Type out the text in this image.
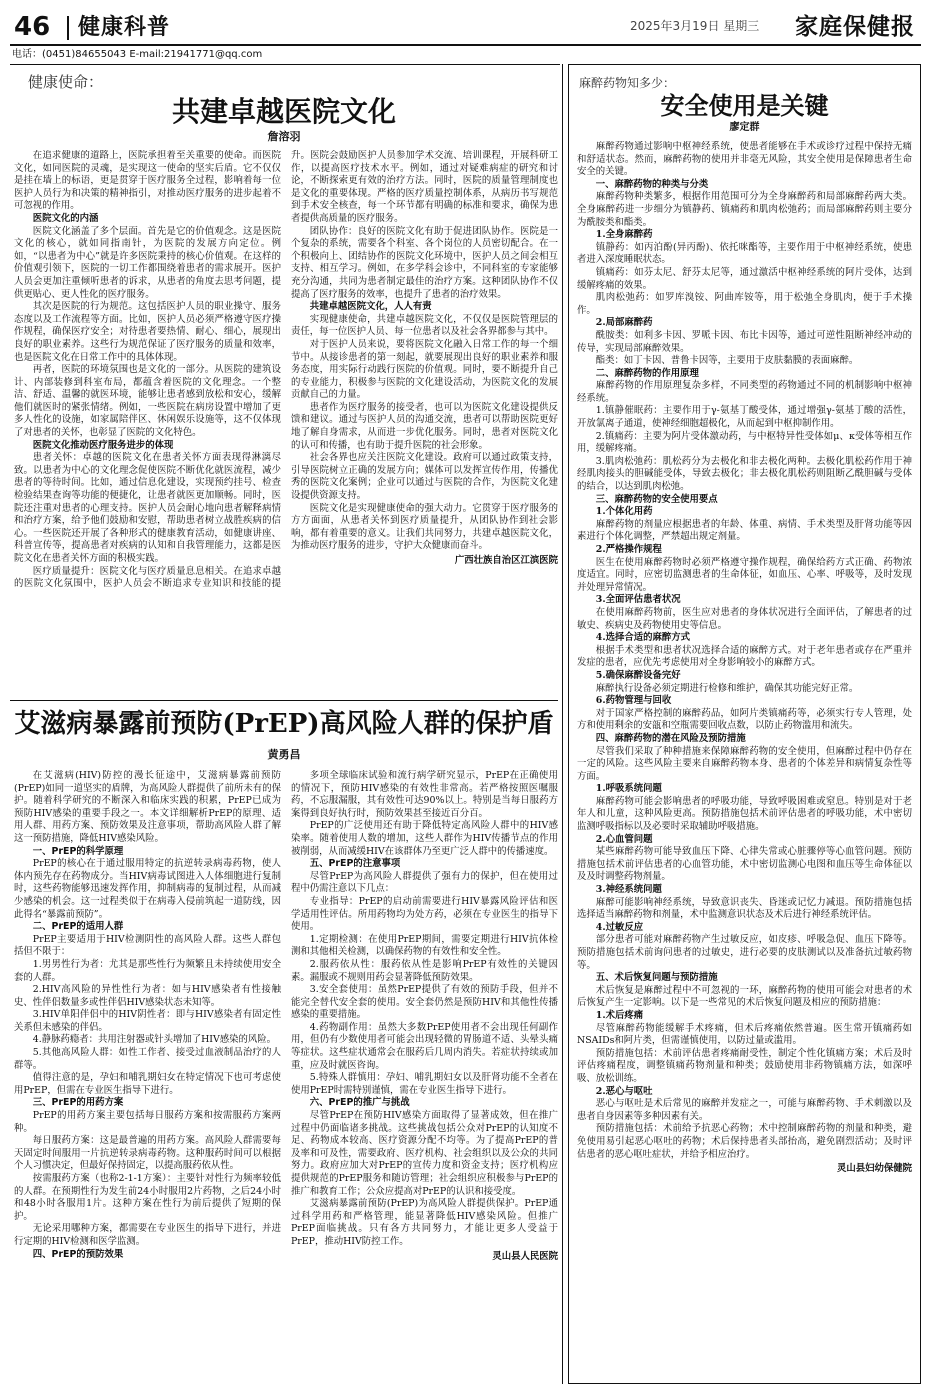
46 健康科普	2025年3月19日 星期三 家庭保健报
电话：(0451)84655043 E-mail:21941771@qq.com
健康使命：
共建卓越医院文化
詹溶羽

在追求健康的道路上，医院承担着至关重要的使命。而医院文化，如同医院的灵魂，是实现这一使命的坚实后盾。它不仅仅是挂在墙上的标语，更是贯穿于医疗服务全过程，影响着每一位医护人员行为和决策的精神指引，对推动医疗服务的进步起着不可忽视的作用。

医院文化的内涵

医院文化涵盖了多个层面。首先是它的价值观念。这是医院文化的核心，就如同指南针，为医院的发展方向定位。例如，“以患者为中心”就是许多医院秉持的核心价值观。在这样的价值观引领下，医院的一切工作都围绕着患者的需求展开。医护人员会更加注重倾听患者的诉求，从患者的角度去思考问题，提供更贴心、更人性化的医疗服务。

其次是医院的行为规范。这包括医护人员的职业操守、服务态度以及工作流程等方面。比如，医护人员必须严格遵守医疗操作规程，确保医疗安全；对待患者要热情、耐心、细心，展现出良好的职业素养。这些行为规范保证了医疗服务的质量和效率，也是医院文化在日常工作中的具体体现。

再者，医院的环境氛围也是文化的一部分。从医院的建筑设计、内部装修到科室布局，都蕴含着医院的文化理念。一个整洁、舒适、温馨的就医环境，能够让患者感到放松和安心，缓解他们就医时的紧张情绪。例如，一些医院在病房设置中增加了更多人性化的设施，如家属陪伴区、休闲娱乐设施等，这不仅体现了对患者的关怀，也彰显了医院的文化特色。

医院文化推动医疗服务进步的体现

患者关怀：卓越的医院文化在患者关怀方面表现得淋漓尽致。以患者为中心的文化理念促使医院不断优化就医流程，减少患者的等待时间。比如，通过信息化建设，实现预约挂号、检查检验结果查询等功能的便捷化，让患者就医更加顺畅。同时，医院还注重对患者的心理支持。医护人员会耐心地向患者解释病情和治疗方案，给予他们鼓励和安慰，帮助患者树立战胜疾病的信心。一些医院还开展了各种形式的健康教育活动，如健康讲座、科普宣传等，提高患者对疾病的认知和自我管理能力，这都是医院文化在患者关怀方面的积极实践。

医疗质量提升：医院文化与医疗质量息息相关。在追求卓越的医院文化氛围中，医护人员会不断追求专业知识和技能的提升。医院会鼓励医护人员参加学术交流、培训课程，开展科研工作，以提高医疗技术水平。例如，通过对疑难病症的研究和讨论，不断探索更有效的治疗方法。同时，医院的质量管理制度也是文化的重要体现。严格的医疗质量控制体系，从病历书写规范到手术安全核查，每一个环节都有明确的标准和要求，确保为患者提供高质量的医疗服务。

团队协作：良好的医院文化有助于促进团队协作。医院是一个复杂的系统，需要各个科室、各个岗位的人员密切配合。在一个积极向上、团结协作的医院文化环境中，医护人员之间会相互支持、相互学习。例如，在多学科会诊中，不同科室的专家能够充分沟通，共同为患者制定最佳的治疗方案。这种团队协作不仅提高了医疗服务的效率，也提升了患者的治疗效果。

共建卓越医院文化，人人有责

实现健康使命，共建卓越医院文化，不仅仅是医院管理层的责任，每一位医护人员、每一位患者以及社会各界都参与其中。

对于医护人员来说，要将医院文化融入日常工作的每一个细节中。从接诊患者的第一刻起，就要展现出良好的职业素养和服务态度，用实际行动践行医院的价值观。同时，要不断提升自己的专业能力，积极参与医院的文化建设活动，为医院文化的发展贡献自己的力量。

患者作为医疗服务的接受者，也可以为医院文化建设提供反馈和建议。通过与医护人员的沟通交流，患者可以帮助医院更好地了解自身需求，从而进一步优化服务。同时，患者对医院文化的认可和传播，也有助于提升医院的社会形象。

社会各界也应关注医院文化建设。政府可以通过政策支持，引导医院树立正确的发展方向；媒体可以发挥宣传作用，传播优秀的医院文化案例；企业可以通过与医院的合作，为医院文化建设提供资源支持。

医院文化是实现健康使命的强大动力。它贯穿于医疗服务的方方面面，从患者关怀到医疗质量提升，从团队协作到社会影响，都有着重要的意义。让我们共同努力，共建卓越医院文化，为推动医疗服务的进步，守护大众健康而奋斗。

广西壮族自治区江滨医院

艾滋病暴露前预防(PrEP)高风险人群的保护盾
黄勇昌

在艾滋病(HIV)防控的漫长征途中，艾滋病暴露前预防(PrEP)如同一道坚实的盾牌，为高风险人群提供了前所未有的保护。随着科学研究的不断深入和临床实践的积累，PrEP已成为预防HIV感染的重要手段之一。本文详细解析PrEP的原理、适用人群、用药方案、预防效果及注意事项，帮助高风险人群了解这一预防措施，降低HIV感染风险。

一、PrEP的科学原理

PrEP的核心在于通过服用特定的抗逆转录病毒药物，使人体内预先存在药物成分。当HIV病毒试图进入人体细胞进行复制时，这些药物能够迅速发挥作用，抑制病毒的复制过程，从而减少感染的机会。这一过程类似于在病毒入侵前筑起一道防线，因此得名“暴露前预防”。

二、PrEP的适用人群

PrEP主要适用于HIV检测阴性的高风险人群。这些人群包括但不限于：

1.男男性行为者：尤其是那些性行为频繁且未持续使用安全套的人群。

2.HIV高风险的异性性行为者：如与HIV感染者有性接触史、性伴侣数量多或性伴侣HIV感染状态未知等。

3.HIV单阳伴侣中的HIV阴性者：即与HIV感染者有固定性关系但未感染的伴侣。

4.静脉药瘾者：共用注射器或针头增加了HIV感染的风险。

5.其他高风险人群：如性工作者、接受过血液制品治疗的人群等。

值得注意的是，孕妇和哺乳期妇女在特定情况下也可考虑使用PrEP，但需在专业医生指导下进行。

三、PrEP的用药方案

PrEP的用药方案主要包括每日服药方案和按需服药方案两种。

每日服药方案：这是最普遍的用药方案。高风险人群需要每天固定时间服用一片抗逆转录病毒药物。这种服药时间可以根据个人习惯决定，但最好保持固定，以提高服药依从性。

按需服药方案（也称2-1-1方案）：主要针对性行为频率较低的人群。在预期性行为发生前24小时服用2片药物，之后24小时和48小时各服用1片。这种方案在性行为前后提供了短期的保护。

无论采用哪种方案，都需要在专业医生的指导下进行，并进行定期的HIV检测和医学监测。

四、PrEP的预防效果

多项全球临床试验和流行病学研究显示，PrEP在正确使用的情况下，预防HIV感染的有效性非常高。若严格按照医嘱服药，不忘服漏服，其有效性可达90%以上。特别是当每日服药方案得到良好执行时，预防效果甚至接近百分百。

PrEP的广泛使用还有助于降低特定高风险人群中的HIV感染率。随着使用人数的增加，这些人群作为HIV传播节点的作用被削弱，从而减缓HIV在该群体乃至更广泛人群中的传播速度。

五、PrEP的注意事项

尽管PrEP为高风险人群提供了强有力的保护，但在使用过程中仍需注意以下几点：

专业指导：PrEP的启动前需要进行HIV暴露风险评估和医学适用性评估。所用药物均为处方药，必须在专业医生的指导下使用。

1.定期检测：在使用PrEP期间，需要定期进行HIV抗体检测和其他相关检测，以确保药物的有效性和安全性。

2.服药依从性：服药依从性是影响PrEP有效性的关键因素。漏服或不规则用药会显著降低预防效果。

3.安全套使用：虽然PrEP提供了有效的预防手段，但并不能完全替代安全套的使用。安全套仍然是预防HIV和其他性传播感染的重要措施。

4.药物副作用：虽然大多数PrEP使用者不会出现任何副作用，但仍有少数使用者可能会出现轻微的胃肠道不适、头晕头痛等症状。这些症状通常会在服药后几周内消失。若症状持续或加重，应及时就医咨询。

5.特殊人群慎用：孕妇、哺乳期妇女以及肝肾功能不全者在使用PrEP时需特别谨慎，需在专业医生指导下进行。

六、PrEP的推广与挑战

尽管PrEP在预防HIV感染方面取得了显著成效，但在推广过程中仍面临诸多挑战。这些挑战包括公众对PrEP的认知度不足、药物成本较高、医疗资源分配不均等。为了提高PrEP的普及率和可及性，需要政府、医疗机构、社会组织以及公众的共同努力。政府应加大对PrEP的宣传力度和资金支持；医疗机构应提供规范的PrEP服务和随访管理；社会组织应积极参与PrEP的推广和教育工作；公众应提高对PrEP的认识和接受度。

艾滋病暴露前预防(PrEP)为高风险人群提供保护。PrEP通过科学用药和严格管理，能显著降低HIV感染风险。但推广PrEP面临挑战。只有各方共同努力，才能让更多人受益于PrEP，推动HIV防控工作。

灵山县人民医院

麻醉药物知多少：
安全使用是关键
廖定群

麻醉药物通过影响中枢神经系统，使患者能够在手术或诊疗过程中保持无痛和舒适状态。然而，麻醉药物的使用并非毫无风险，其安全使用是保障患者生命安全的关键。

一、麻醉药物的种类与分类

麻醉药物种类繁多，根据作用范围可分为全身麻醉药和局部麻醉药两大类。全身麻醉药进一步细分为镇静药、镇痛药和肌肉松弛药；而局部麻醉药则主要分为酰胺类和酯类。

1.全身麻醉药

镇静药：如丙泊酚(异丙酚)、依托咪酯等，主要作用于中枢神经系统，使患者进入深度睡眠状态。

镇痛药：如芬太尼、舒芬太尼等，通过激活中枢神经系统的阿片受体，达到缓解疼痛的效果。

肌肉松弛药：如罗库溴铵、阿曲库铵等，用于松弛全身肌肉，便于手术操作。

2.局部麻醉药

酰胺类：如利多卡因、罗哌卡因、布比卡因等，通过可逆性阻断神经冲动的传导，实现局部麻醉效果。

酯类：如丁卡因、普鲁卡因等，主要用于皮肤黏膜的表面麻醉。

二、麻醉药物的作用原理

麻醉药物的作用原理复杂多样，不同类型的药物通过不同的机制影响中枢神经系统。

1.镇静催眠药：主要作用于γ-氨基丁酸受体，通过增强γ-氨基丁酸的活性，开放氯离子通道，使神经细胞超极化，从而起到中枢抑制作用。

2.镇痛药：主要为阿片受体激动药，与中枢特异性受体如μ、κ受体等相互作用，缓解疼痛。

3.肌肉松弛药：肌松药分为去极化和非去极化两种。去极化肌松药作用于神经肌肉接头的胆碱能受体，导致去极化；非去极化肌松药则阻断乙酰胆碱与受体的结合，以达到肌肉松弛。

三、麻醉药物的安全使用要点

1.个体化用药

麻醉药物的剂量应根据患者的年龄、体重、病情、手术类型及肝肾功能等因素进行个体化调整，严禁超出规定剂量。

2.严格操作规程

医生在使用麻醉药物时必须严格遵守操作规程，确保给药方式正确、药物浓度适宜。同时，应密切监测患者的生命体征，如血压、心率、呼吸等，及时发现并处理异常情况。

3.全面评估患者状况

在使用麻醉药物前，医生应对患者的身体状况进行全面评估，了解患者的过敏史、疾病史及药物使用史等信息。

4.选择合适的麻醉方式

根据手术类型和患者状况选择合适的麻醉方式。对于老年患者或存在严重并发症的患者，应优先考虑使用对全身影响较小的麻醉方式。

5.确保麻醉设备完好

麻醉执行设备必须定期进行检修和维护，确保其功能完好正常。

6.药物管理与回收

对于国家严格控制的麻醉药品，如阿片类镇痛药等，必须实行专人管理，处方和使用剩余的安瓿和空瓶需要回收点数，以防止药物滥用和流失。

四、麻醉药物的潜在风险及预防措施

尽管我们采取了种种措施来保障麻醉药物的安全使用，但麻醉过程中仍存在一定的风险。这些风险主要来自麻醉药物本身、患者的个体差异和病情复杂性等方面。

1.呼吸系统问题

麻醉药物可能会影响患者的呼吸功能，导致呼吸困难或窒息。特别是对于老年人和儿童，这种风险更高。预防措施包括术前评估患者的呼吸功能，术中密切监测呼吸指标以及必要时采取辅助呼吸措施。

2.心血管问题

某些麻醉药物可能导致血压下降、心律失常或心脏骤停等心血管问题。预防措施包括术前评估患者的心血管功能，术中密切监测心电图和血压等生命体征以及及时调整药物剂量。

3.神经系统问题

麻醉可能影响神经系统，导致意识丧失、昏迷或记忆力减退。预防措施包括选择适当麻醉药物和剂量，术中监测意识状态及术后进行神经系统评估。

4.过敏反应

部分患者可能对麻醉药物产生过敏反应，如皮疹、呼吸急促、血压下降等。预防措施包括术前询问患者的过敏史，进行必要的皮肤测试以及准备抗过敏药物等。

五、术后恢复问题与预防措施

术后恢复是麻醉过程中不可忽视的一环，麻醉药物的使用可能会对患者的术后恢复产生一定影响。以下是一些常见的术后恢复问题及相应的预防措施：

1.术后疼痛

尽管麻醉药物能缓解手术疼痛，但术后疼痛依然普遍。医生常开镇痛药如NSAIDs和阿片类，但需谨慎使用，以防过量或滥用。

预防措施包括：术前评估患者疼痛耐受性，制定个性化镇痛方案；术后及时评估疼痛程度，调整镇痛药物剂量和种类；鼓励使用非药物镇痛方法，如深呼吸、放松训练。

2.恶心与呕吐

恶心与呕吐是术后常见的麻醉并发症之一，可能与麻醉药物、手术刺激以及患者自身因素等多种因素有关。

预防措施包括：术前给予抗恶心药物；术中控制麻醉药物的剂量和种类，避免使用易引起恶心呕吐的药物；术后保持患者头部抬高，避免剧烈活动；及时评估患者的恶心呕吐症状，并给予相应治疗。

灵山县妇幼保健院
